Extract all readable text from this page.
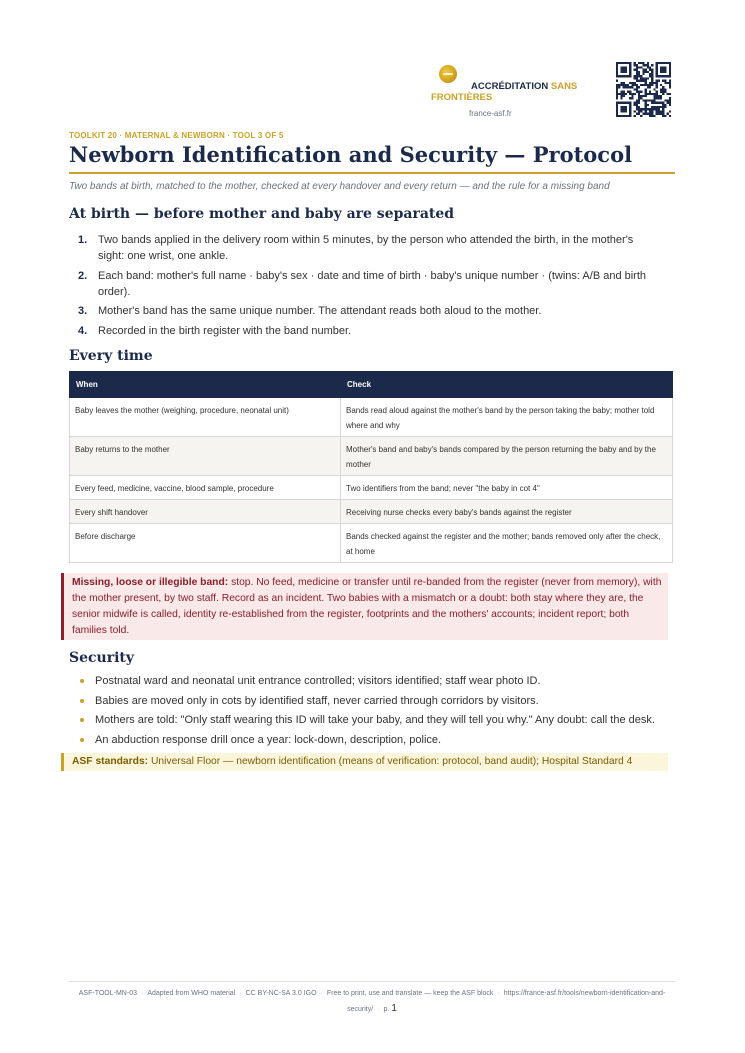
ACCRÉDITATION SANS FRONTIÈRES
france-asf.fr
TOOLKIT 20 · MATERNAL & NEWBORN · TOOL 3 OF 5
Newborn Identification and Security — Protocol
Two bands at birth, matched to the mother, checked at every handover and every return — and the rule for a missing band
At birth — before mother and baby are separated
1. Two bands applied in the delivery room within 5 minutes, by the person who attended the birth, in the mother's sight: one wrist, one ankle.
2. Each band: mother's full name · baby's sex · date and time of birth · baby's unique number · (twins: A/B and birth order).
3. Mother's band has the same unique number. The attendant reads both aloud to the mother.
4. Recorded in the birth register with the band number.
Every time
When	Check
Baby leaves the mother (weighing, procedure, neonatal unit)	Bands read aloud against the mother's band by the person taking the baby; mother told where and why
Baby returns to the mother	Mother's band and baby's bands compared by the person returning the baby and by the mother
Every feed, medicine, vaccine, blood sample, procedure	Two identifiers from the band; never "the baby in cot 4"
Every shift handover	Receiving nurse checks every baby's bands against the register
Before discharge	Bands checked against the register and the mother; bands removed only after the check, at home
Missing, loose or illegible band: stop. No feed, medicine or transfer until re-banded from the register (never from memory), with the mother present, by two staff. Record as an incident. Two babies with a mismatch or a doubt: both stay where they are, the senior midwife is called, identity re-established from the register, footprints and the mothers' accounts; incident report; both families told.
Security
Postnatal ward and neonatal unit entrance controlled; visitors identified; staff wear photo ID.
Babies are moved only in cots by identified staff, never carried through corridors by visitors.
Mothers are told: "Only staff wearing this ID will take your baby, and they will tell you why." Any doubt: call the desk.
An abduction response drill once a year: lock-down, description, police.
ASF standards: Universal Floor — newborn identification (means of verification: protocol, band audit); Hospital Standard 4
ASF-TOOL-MN-03 · Adapted from WHO material · CC BY-NC-SA 3.0 IGO · Free to print, use and translate — keep the ASF block · https://france-asf.fr/tools/newborn-identification-and-security/ · p. 1
